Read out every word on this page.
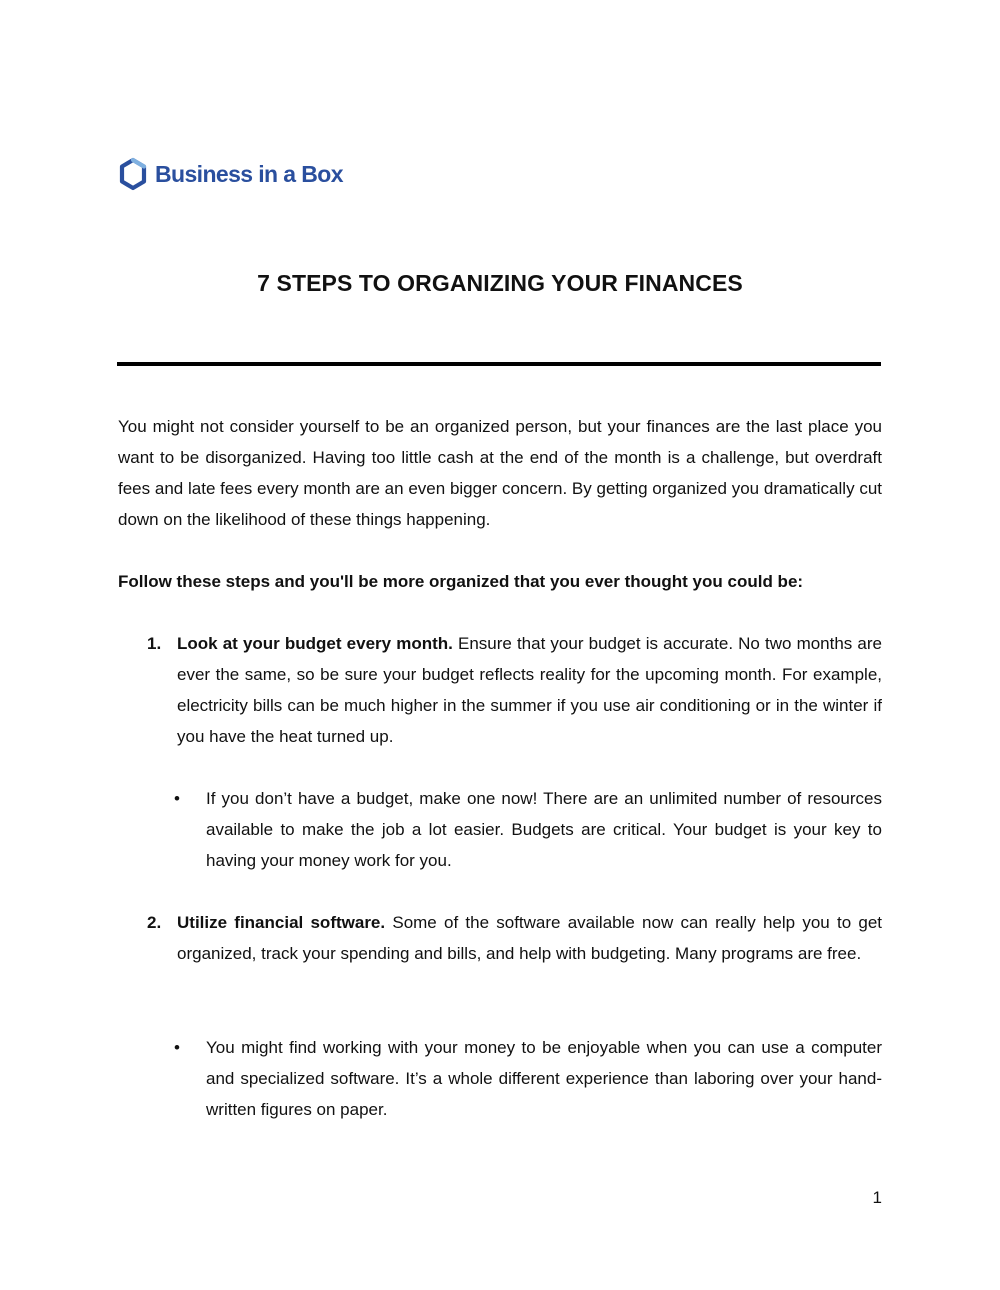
Business in a Box
7 STEPS TO ORGANIZING YOUR FINANCES

You might not consider yourself to be an organized person, but your finances are the last place you want to be disorganized. Having too little cash at the end of the month is a challenge, but overdraft fees and late fees every month are an even bigger concern. By getting organized you dramatically cut down on the likelihood of these things happening.

Follow these steps and you'll be more organized that you ever thought you could be:

1. Look at your budget every month. Ensure that your budget is accurate. No two months are ever the same, so be sure your budget reflects reality for the upcoming month. For example, electricity bills can be much higher in the summer if you use air conditioning or in the winter if you have the heat turned up.
• If you don’t have a budget, make one now! There are an unlimited number of resources available to make the job a lot easier. Budgets are critical. Your budget is your key to having your money work for you.
2. Utilize financial software. Some of the software available now can really help you to get organized, track your spending and bills, and help with budgeting. Many programs are free.
• You might find working with your money to be enjoyable when you can use a computer and specialized software. It’s a whole different experience than laboring over your hand-written figures on paper.
1
